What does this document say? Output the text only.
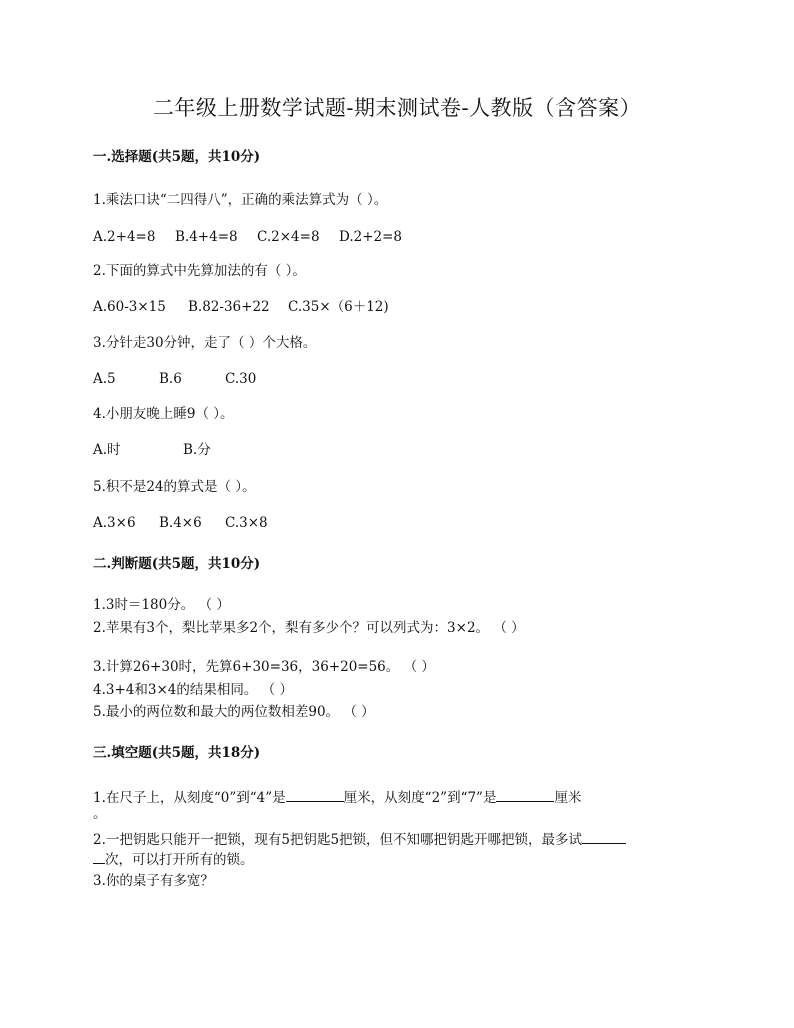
二年级上册数学试题-期末测试卷-人教版（含答案）
一.选择题(共5题，共10分)
1.乘法口诀“二四得八”，正确的乘法算式为（ ）。
A.2+4=8 B.4+4=8 C.2×4=8 D.2+2=8
2.下面的算式中先算加法的有（ ）。
A.60-3×15 B.82-36+22 C.35×（6＋12)
3.分针走30分钟，走了（ ）个大格。
A.5	B.6	C.30
4.小朋友晚上睡9（ ）。
A.时	B.分
5.积不是24的算式是（ ）。
A.3×6 B.4×6 C.3×8
二.判断题(共5题，共10分)
1.3时＝180分。 （ ）
2.苹果有3个，梨比苹果多2个，梨有多少个？可以列式为：3×2。 （ ）
3.计算26+30时，先算6+30=36，36+20=56。 （ ）
4.3+4和3×4的结果相同。 （ ）
5.最小的两位数和最大的两位数相差90。 （ ）
三.填空题(共5题，共18分)
1.在尺子上，从刻度“0”到“4”是	厘米，从刻度“2”到“7”是	厘米
。
2.一把钥匙只能开一把锁，现有5把钥匙5把锁，但不知哪把钥匙开哪把锁，最多试
次，可以打开所有的锁。
3.你的桌子有多宽？
